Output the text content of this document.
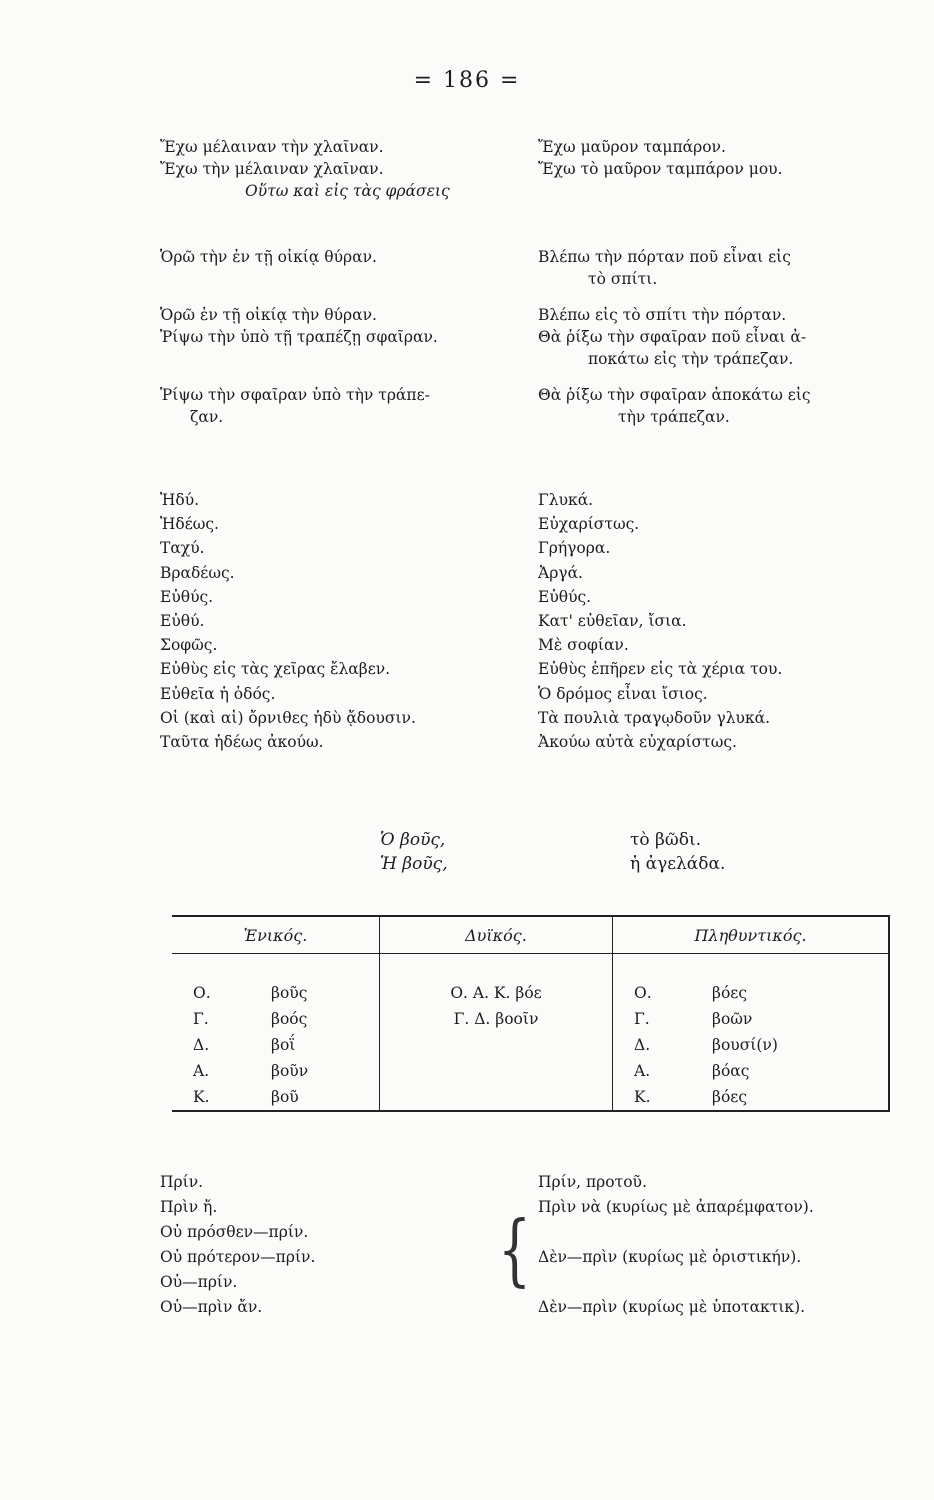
= 186 =
Ἔχω μέλαιναν τὴν χλαῖναν.	Ἔχω μαῦρον ταμπάρον.
Ἔχω τὴν μέλαιναν χλαῖναν.	Ἔχω τὸ μαῦρον ταμπάρον μου.
Οὕτω καὶ εἰς τὰς φράσεις
Ὁρῶ τὴν ἐν τῇ οἰκίᾳ θύραν.	Βλέπω τὴν πόρταν ποῦ εἶναι εἰς
τὸ σπίτι.
Ὁρῶ ἐν τῇ οἰκίᾳ τὴν θύραν.	Βλέπω εἰς τὸ σπίτι τὴν πόρταν.
Ῥίψω τὴν ὑπὸ τῇ τραπέζῃ σφαῖραν.	Θὰ ῥίξω τὴν σφαῖραν ποῦ εἶναι ἀ-
ποκάτω εἰς τὴν τράπεζαν.
Ῥίψω τὴν σφαῖραν ὑπὸ τὴν τράπε-	Θὰ ῥίξω τὴν σφαῖραν ἀποκάτω εἰς
ζαν.	τὴν τράπεζαν.
Ἡδύ.	Γλυκά.
Ἡδέως.	Εὐχαρίστως.
Ταχύ.	Γρήγορα.
Βραδέως.	Ἀργά.
Εὐθύς.	Εὐθύς.
Εὐθύ.	Κατ' εὐθεῖαν, ἴσια.
Σοφῶς.	Μὲ σοφίαν.
Εὐθὺς εἰς τὰς χεῖρας ἔλαβεν.	Εὐθὺς ἐπῆρεν εἰς τὰ χέρια του.
Εὐθεῖα ἡ ὁδός.	Ὁ δρόμος εἶναι ἴσιος.
Οἱ (καὶ αἱ) ὄρνιθες ἡδὺ ᾄδουσιν.	Τὰ πουλιὰ τραγῳδοῦν γλυκά.
Ταῦτα ἡδέως ἀκούω.	Ἀκούω αὐτὰ εὐχαρίστως.
Ὁ βοῦς,	τὸ βῶδι.
Ἡ βοῦς,	ἡ ἀγελάδα.
Ἑνικός.	Δυϊκός.	Πληθυντικός.

Ο. βοῦς	Ο. Α. Κ. βόε	Ο. βόες

Γ. βοός	Γ. Δ. βοοῖν	Γ. βοῶν

Δ. βοΐ		Δ. βουσί(ν)

Α. βοῦν		Α. βόας

Κ. βοῦ		Κ. βόες
Πρίν.	Πρίν, προτοῦ.
Πρὶν ἤ.	Πρὶν νὰ (κυρίως μὲ ἀπαρέμφατον).
Οὐ πρόσθεν—πρίν.
Οὐ πρότερον—πρίν.	Δὲν—πρὶν (κυρίως μὲ ὁριστικήν).
Οὐ—πρίν.
Οὐ—πρὶν ἄν.	Δὲν—πρὶν (κυρίως μὲ ὑποτακτικ).
{
